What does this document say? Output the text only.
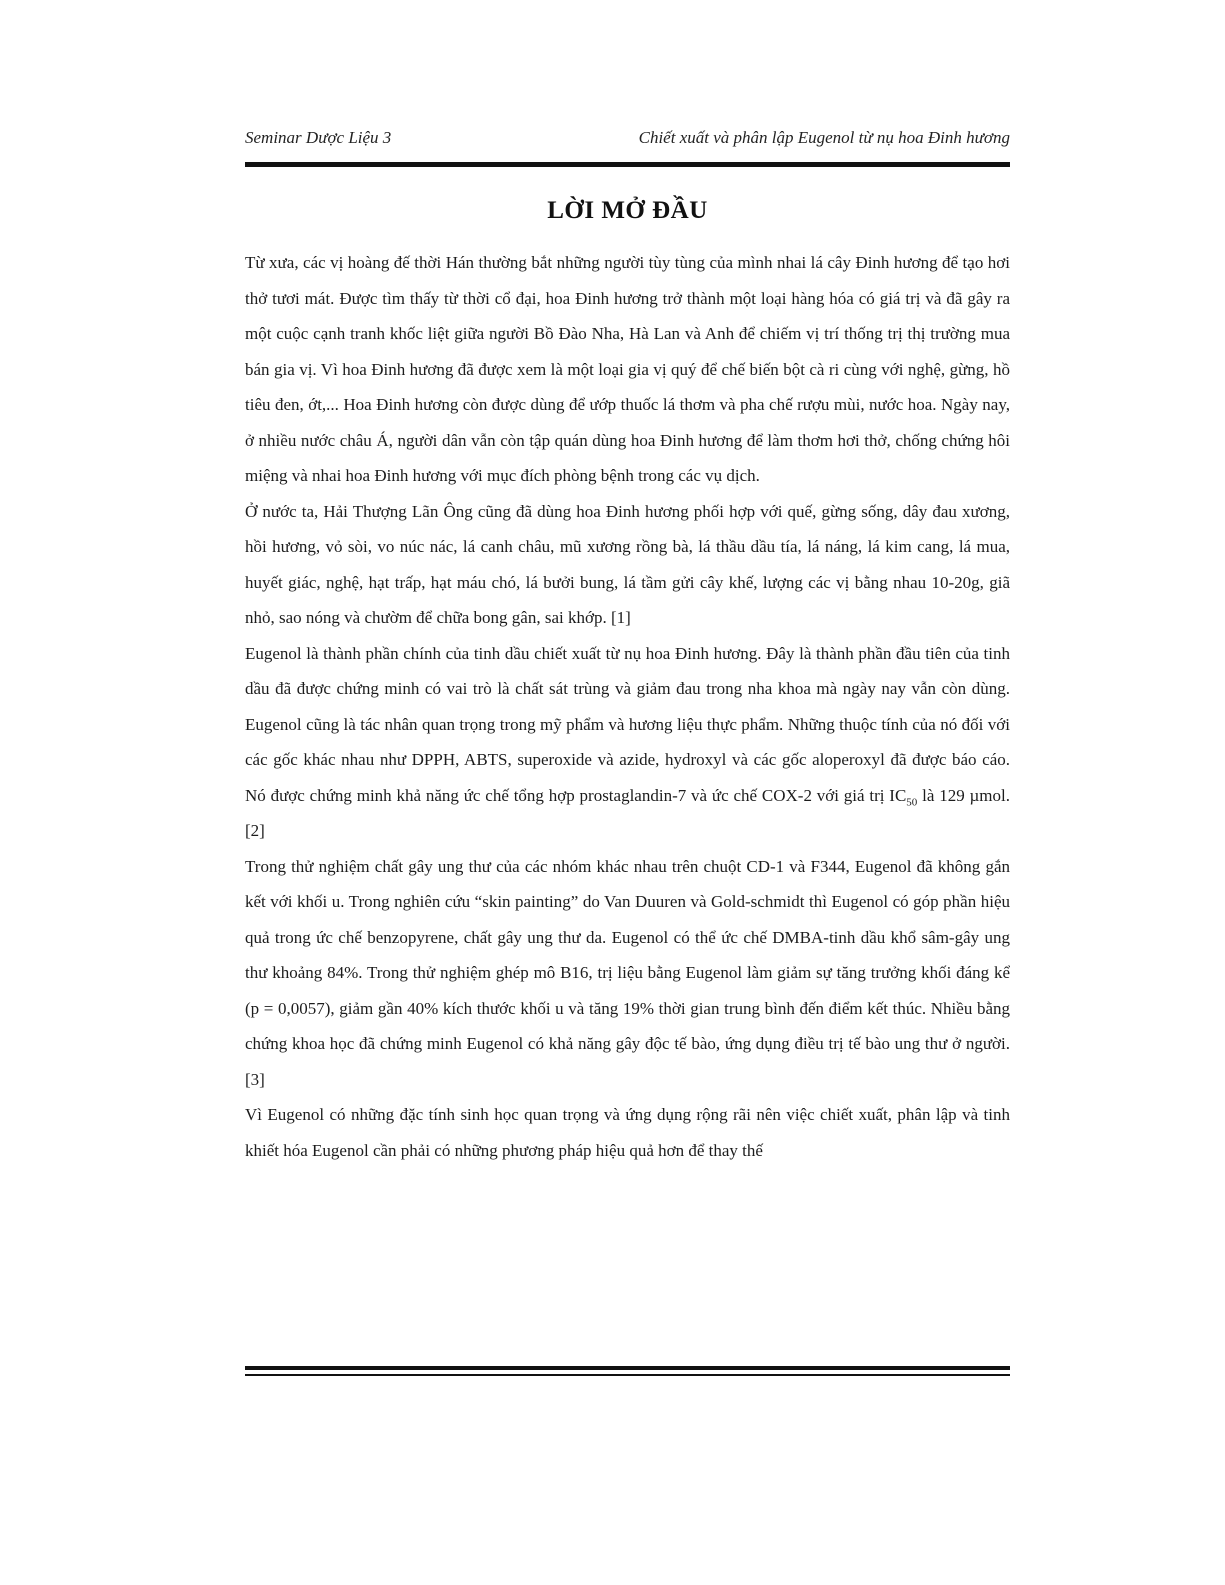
Seminar Dược Liệu 3	Chiết xuất và phân lập Eugenol từ nụ hoa Đinh hương
LỜI MỞ ĐẦU

Từ xưa, các vị hoàng đế thời Hán thường bắt những người tùy tùng của mình nhai lá cây Đinh hương để tạo hơi thở tươi mát. Được tìm thấy từ thời cổ đại, hoa Đinh hương trở thành một loại hàng hóa có giá trị và đã gây ra một cuộc cạnh tranh khốc liệt giữa người Bồ Đào Nha, Hà Lan và Anh để chiếm vị trí thống trị thị trường mua bán gia vị. Vì hoa Đinh hương đã được xem là một loại gia vị quý để chế biến bột cà ri cùng với nghệ, gừng, hồ tiêu đen, ớt,... Hoa Đinh hương còn được dùng để ướp thuốc lá thơm và pha chế rượu mùi, nước hoa. Ngày nay, ở nhiều nước châu Á, người dân vẫn còn tập quán dùng hoa Đinh hương để làm thơm hơi thở, chống chứng hôi miệng và nhai hoa Đinh hương với mục đích phòng bệnh trong các vụ dịch.

Ở nước ta, Hải Thượng Lãn Ông cũng đã dùng hoa Đinh hương phối hợp với quế, gừng sống, dây đau xương, hồi hương, vỏ sòi, vo núc nác, lá canh châu, mũ xương rồng bà, lá thầu dầu tía, lá náng, lá kim cang, lá mua, huyết giác, nghệ, hạt trấp, hạt máu chó, lá bưởi bung, lá tầm gửi cây khế, lượng các vị bằng nhau 10-20g, giã nhỏ, sao nóng và chườm để chữa bong gân, sai khớp. [1]

Eugenol là thành phần chính của tinh dầu chiết xuất từ nụ hoa Đinh hương. Đây là thành phần đầu tiên của tinh dầu đã được chứng minh có vai trò là chất sát trùng và giảm đau trong nha khoa mà ngày nay vẫn còn dùng. Eugenol cũng là tác nhân quan trọng trong mỹ phẩm và hương liệu thực phẩm. Những thuộc tính của nó đối với các gốc khác nhau như DPPH, ABTS, superoxide và azide, hydroxyl và các gốc aloperoxyl đã được báo cáo. Nó được chứng minh khả năng ức chế tổng hợp prostaglandin-7 và ức chế COX-2 với giá trị $IC_{50}$ là 129 µmol. [2]

Trong thử nghiệm chất gây ung thư của các nhóm khác nhau trên chuột CD-1 và F344, Eugenol đã không gắn kết với khối u. Trong nghiên cứu “skin painting” do Van Duuren và Gold-schmidt thì Eugenol có góp phần hiệu quả trong ức chế benzopyrene, chất gây ung thư da. Eugenol có thể ức chế DMBA-tinh dầu khổ sâm-gây ung thư khoảng 84%. Trong thử nghiệm ghép mô B16, trị liệu bằng Eugenol làm giảm sự tăng trưởng khối đáng kể (p = 0,0057), giảm gần 40% kích thước khối u và tăng 19% thời gian trung bình đến điểm kết thúc. Nhiều bằng chứng khoa học đã chứng minh Eugenol có khả năng gây độc tế bào, ứng dụng điều trị tế bào ung thư ở người. [3]

Vì Eugenol có những đặc tính sinh học quan trọng và ứng dụng rộng rãi nên việc chiết xuất, phân lập và tinh khiết hóa Eugenol cần phải có những phương pháp hiệu quả hơn để thay thế
